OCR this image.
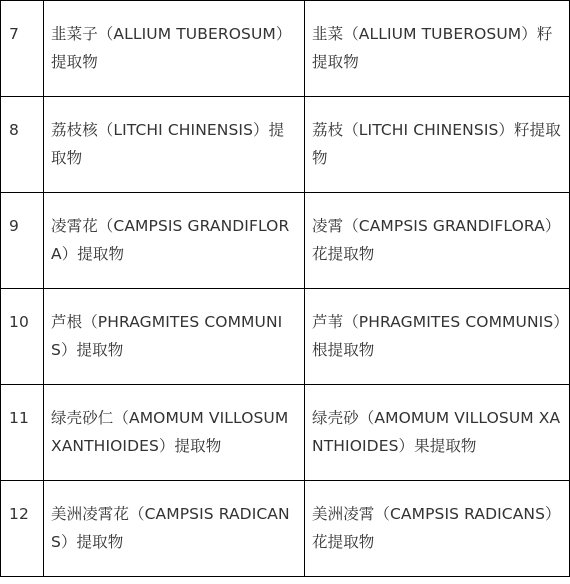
7	韭菜子（ALLIUM TUBEROSUM）提取物	韭菜（ALLIUM TUBEROSUM）籽提取物
8	荔枝核（LITCHI CHINENSIS）提取物	荔枝（LITCHI CHINENSIS）籽提取物
9	凌霄花（CAMPSIS GRANDIFLORA）提取物	凌霄（CAMPSIS GRANDIFLORA）花提取物
10	芦根（PHRAGMITES COMMUNIS）提取物	芦苇（PHRAGMITES COMMUNIS）根提取物
11	绿壳砂仁（AMOMUM VILLOSUM XANTHIOIDES）提取物	绿壳砂（AMOMUM VILLOSUM XANTHIOIDES）果提取物
12	美洲凌霄花（CAMPSIS RADICANS）提取物	美洲凌霄（CAMPSIS RADICANS）花提取物
